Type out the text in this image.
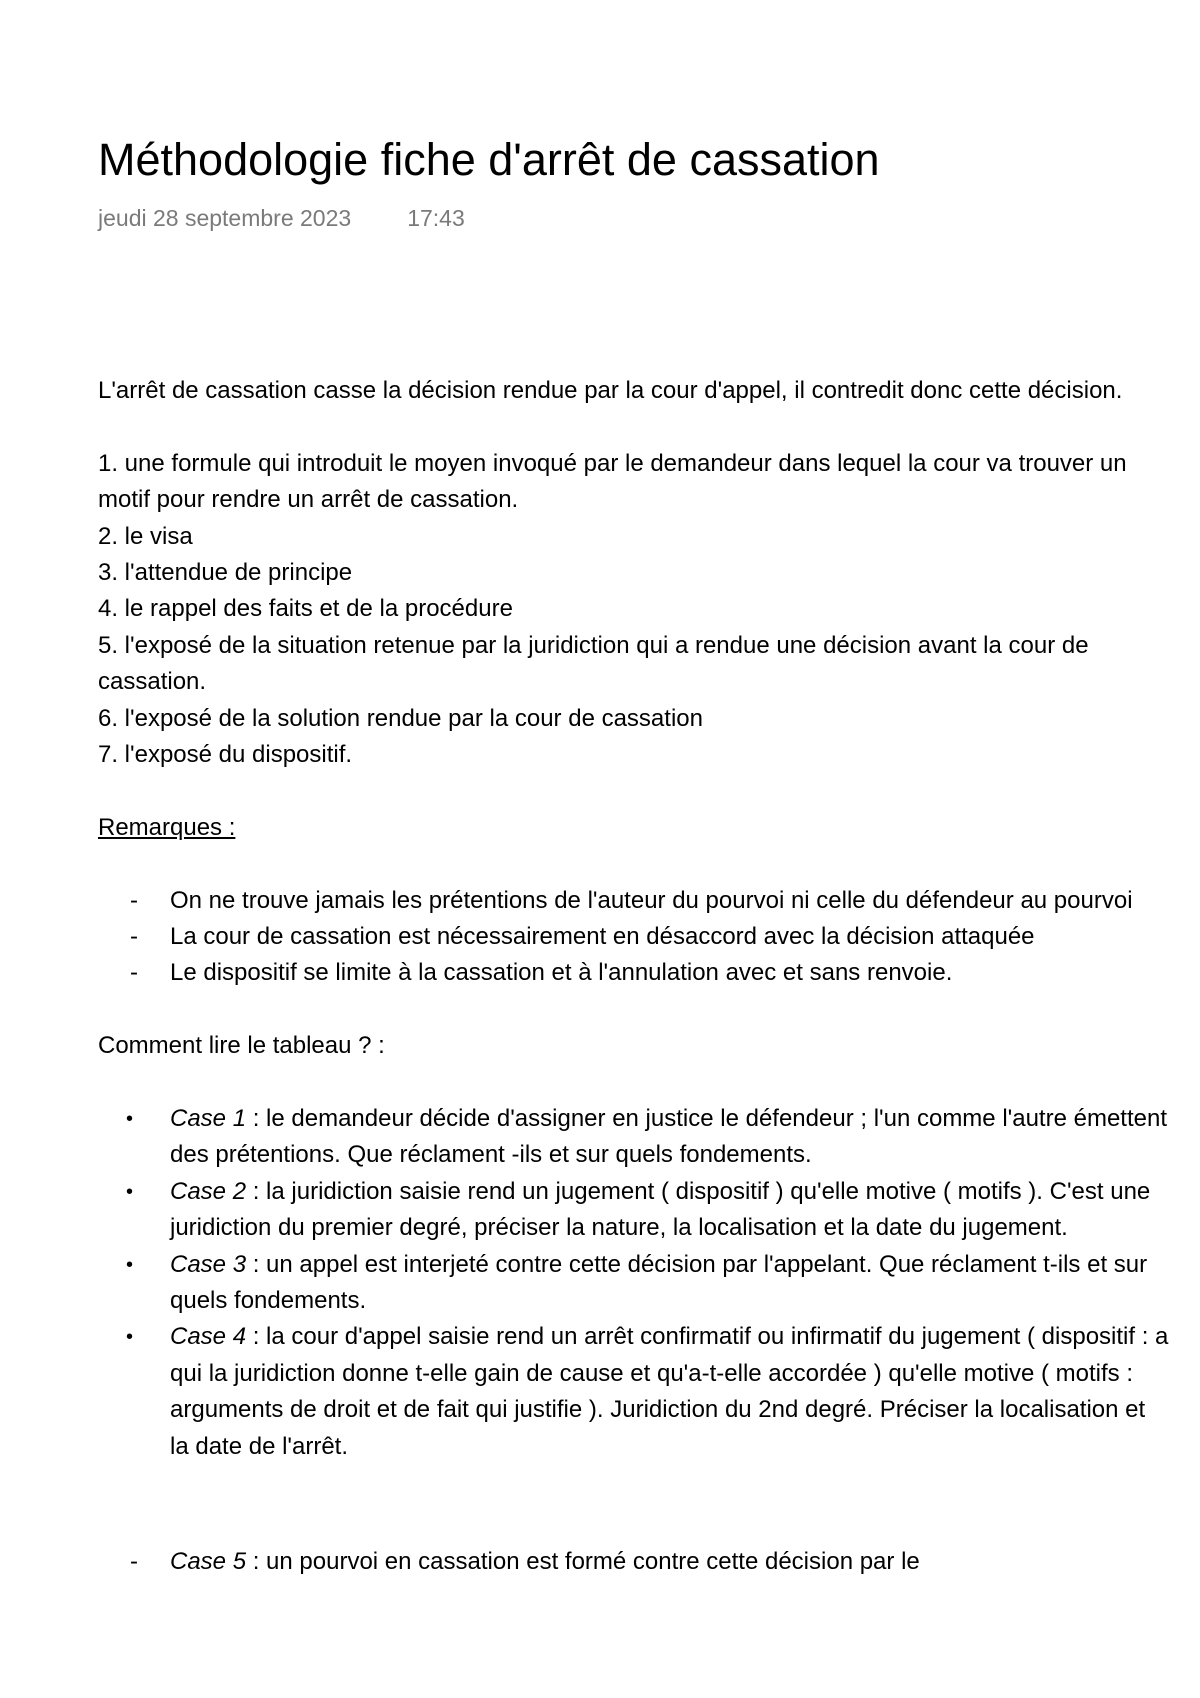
Méthodologie fiche d'arrêt de cassation
jeudi 28 septembre 2023 17:43

L'arrêt de cassation casse la décision rendue par la cour d'appel, il contredit donc cette décision.

1. une formule qui introduit le moyen invoqué par le demandeur dans lequel la cour va trouver un motif pour rendre un arrêt de cassation.
2. le visa
3. l'attendue de principe
4. le rappel des faits et de la procédure
5. l'exposé de la situation retenue par la juridiction qui a rendue une décision avant la cour de cassation.
6. l'exposé de la solution rendue par la cour de cassation
7. l'exposé du dispositif.

Remarques :

- On ne trouve jamais les prétentions de l'auteur du pourvoi ni celle du défendeur au pourvoi
- La cour de cassation est nécessairement en désaccord avec la décision attaquée
- Le dispositif se limite à la cassation et à l'annulation avec et sans renvoie.

Comment lire le tableau ? :

• Case 1 : le demandeur décide d'assigner en justice le défendeur ; l'un comme l'autre émettent des prétentions. Que réclament -ils et sur quels fondements.
• Case 2 : la juridiction saisie rend un jugement ( dispositif ) qu'elle motive ( motifs ). C'est une juridiction du premier degré, préciser la nature, la localisation et la date du jugement.
• Case 3 : un appel est interjeté contre cette décision par l'appelant. Que réclament t-ils et sur quels fondements.
• Case 4 : la cour d'appel saisie rend un arrêt confirmatif ou infirmatif du jugement ( dispositif : a qui la juridiction donne t-elle gain de cause et qu'a-t-elle accordée ) qu'elle motive ( motifs : arguments de droit et de fait qui justifie ). Juridiction du 2nd degré. Préciser la localisation et la date de l'arrêt.
- Case 5 : un pourvoi en cassation est formé contre cette décision par le
